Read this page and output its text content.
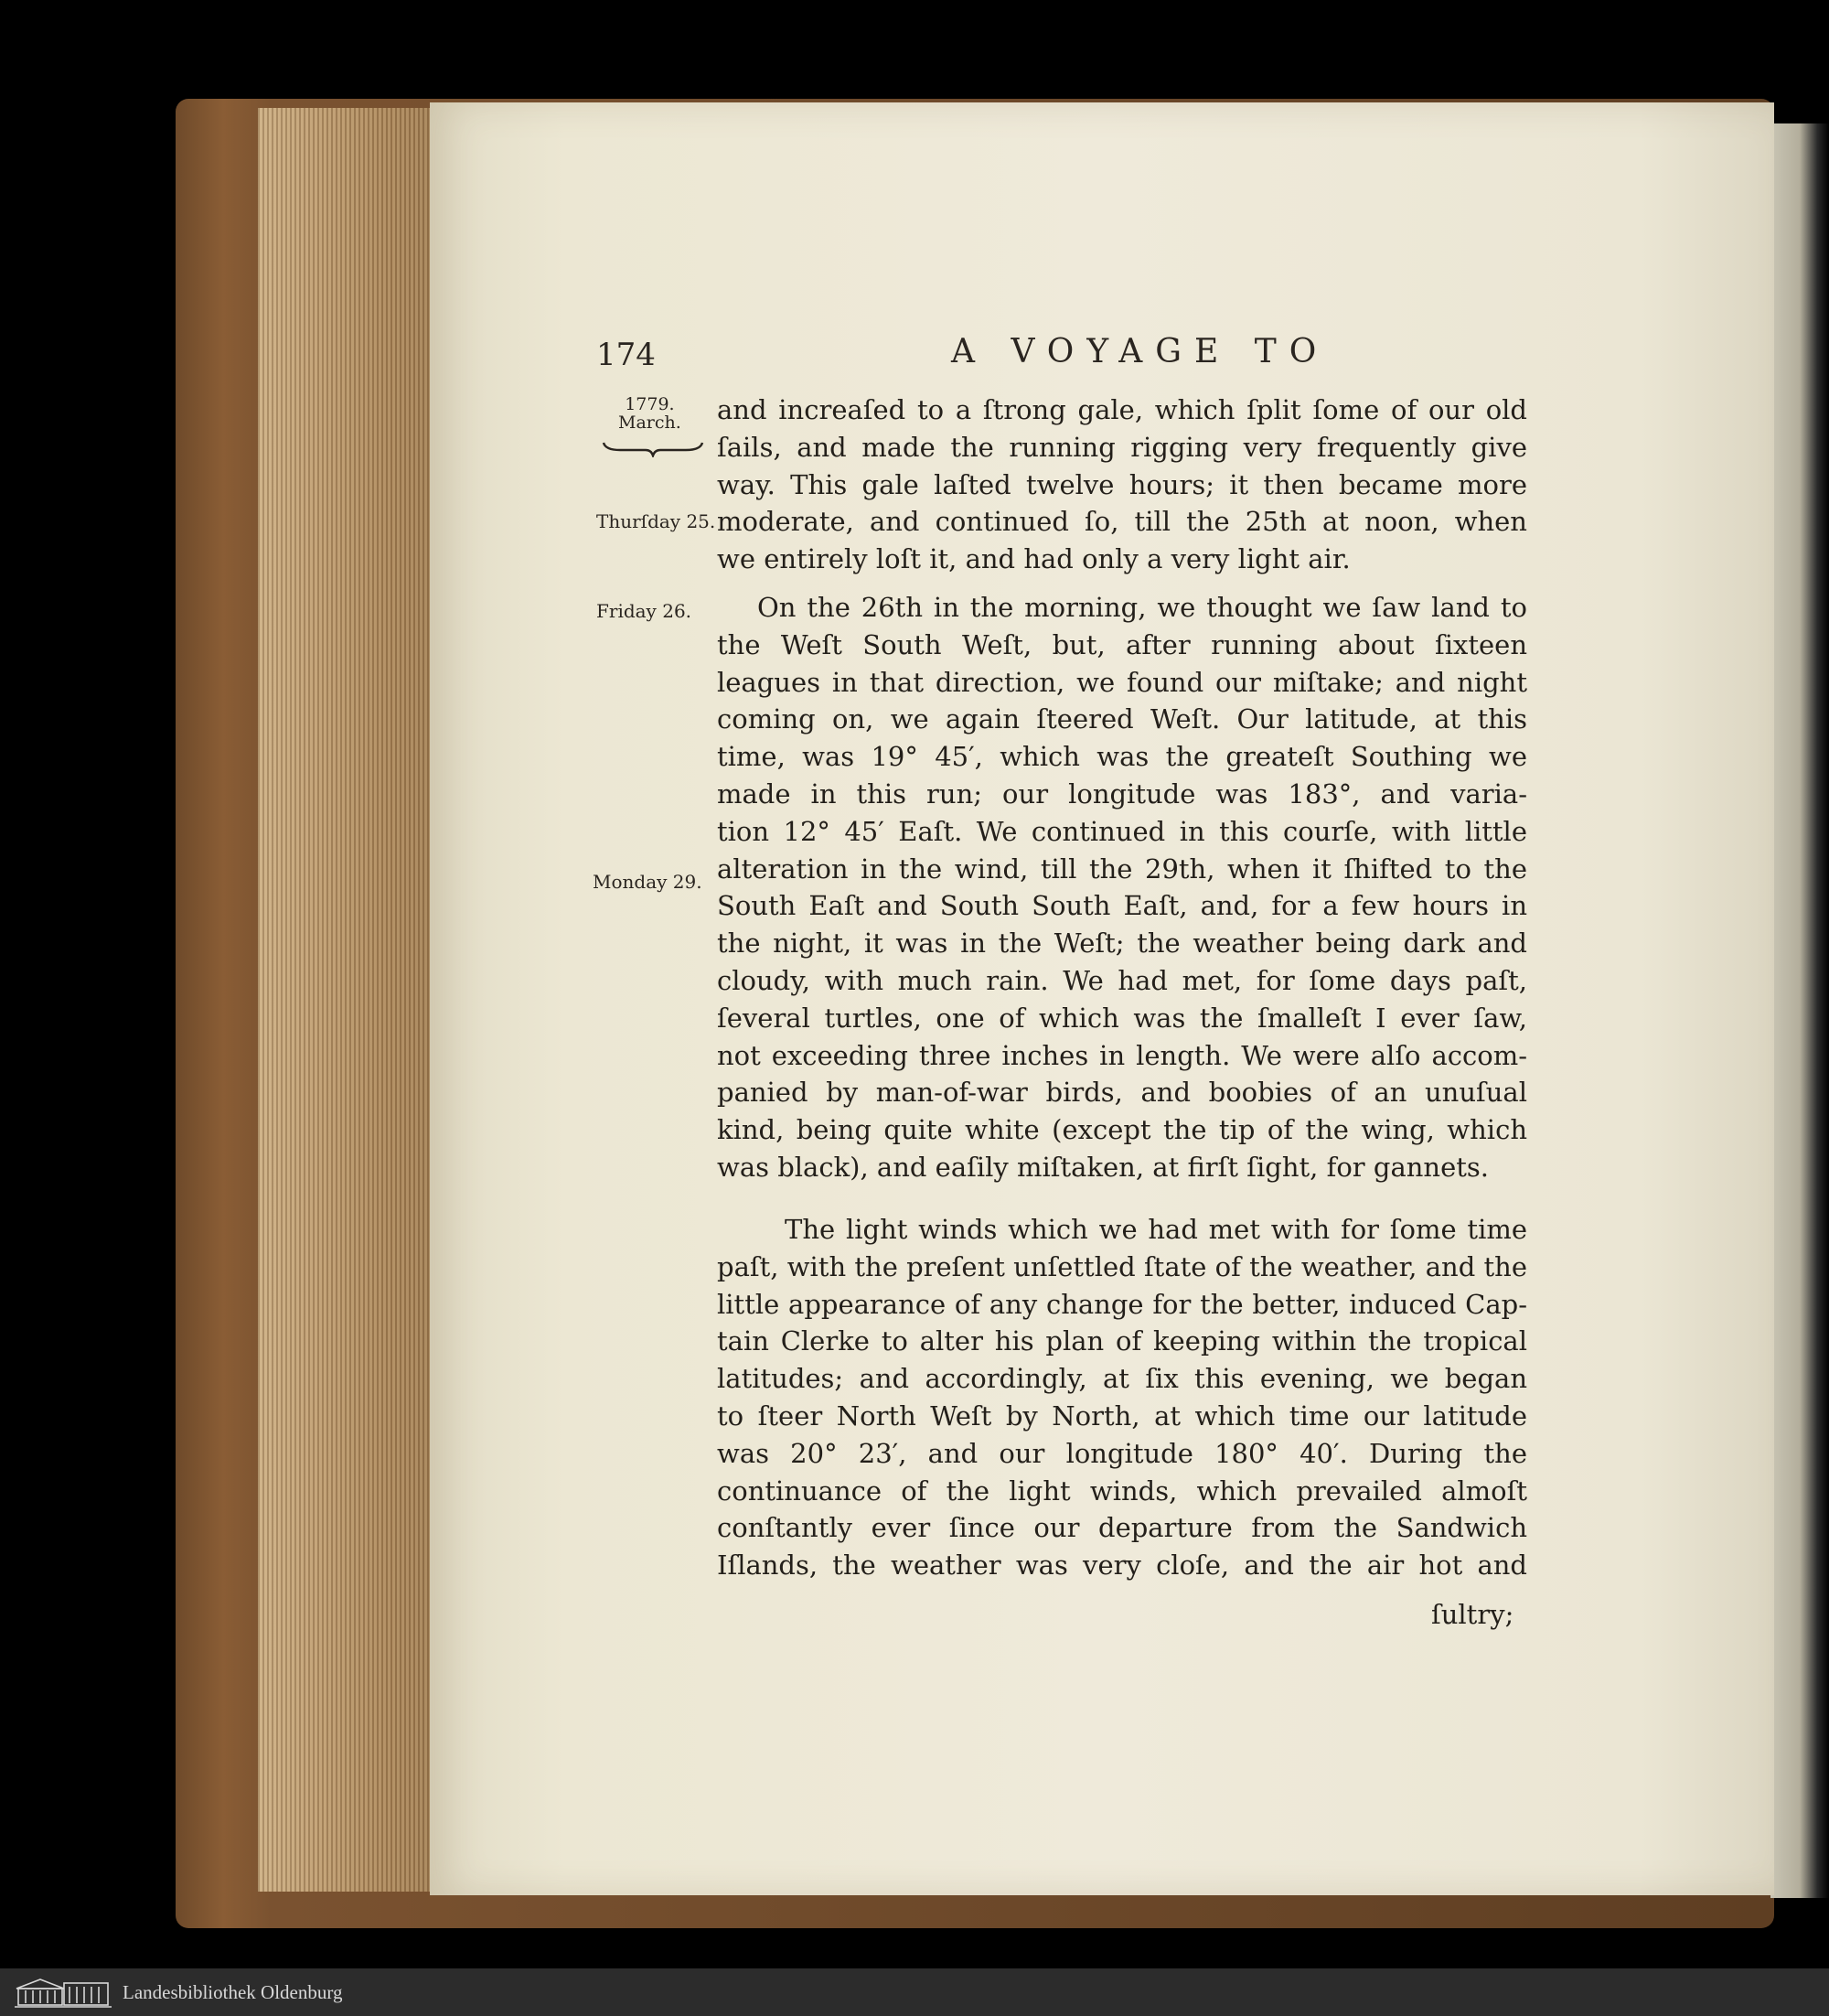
174	A VOYAGE TO
1779.
March.
Thurſday 25.
Friday 26.
Monday 29.
and increaſed to a ſtrong gale, which ſplit ſome of our old
ſails, and made the running rigging very frequently give
way. This gale laſted twelve hours; it then became more
moderate, and continued ſo, till the 25th at noon, when
we entirely loſt it, and had only a very light air.
On the 26th in the morning, we thought we ſaw land to
the Weſt South Weſt, but, after running about ſixteen
leagues in that direction, we found our miſtake; and night
coming on, we again ſteered Weſt. Our latitude, at this
time, was 19° 45′, which was the greateſt Southing we
made in this run; our longitude was 183°, and varia-
tion 12° 45′ Eaſt. We continued in this courſe, with little
alteration in the wind, till the 29th, when it ſhifted to the
South Eaſt and South South Eaſt, and, for a few hours in
the night, it was in the Weſt; the weather being dark and
cloudy, with much rain. We had met, for ſome days paſt,
ſeveral turtles, one of which was the ſmalleſt I ever ſaw,
not exceeding three inches in length. We were alſo accom-
panied by man-of-war birds, and boobies of an unuſual
kind, being quite white (except the tip of the wing, which
was black), and eaſily miſtaken, at firſt ſight, for gannets.
The light winds which we had met with for ſome time
paſt, with the preſent unſettled ſtate of the weather, and the
little appearance of any change for the better, induced Cap-
tain Clerke to alter his plan of keeping within the tropical
latitudes; and accordingly, at ſix this evening, we began
to ſteer North Weſt by North, at which time our latitude
was 20° 23′, and our longitude 180° 40′. During the
continuance of the light winds, which prevailed almoſt
conſtantly ever ſince our departure from the Sandwich
Iſlands, the weather was very cloſe, and the air hot and
ſultry;
Landesbibliothek Oldenburg
